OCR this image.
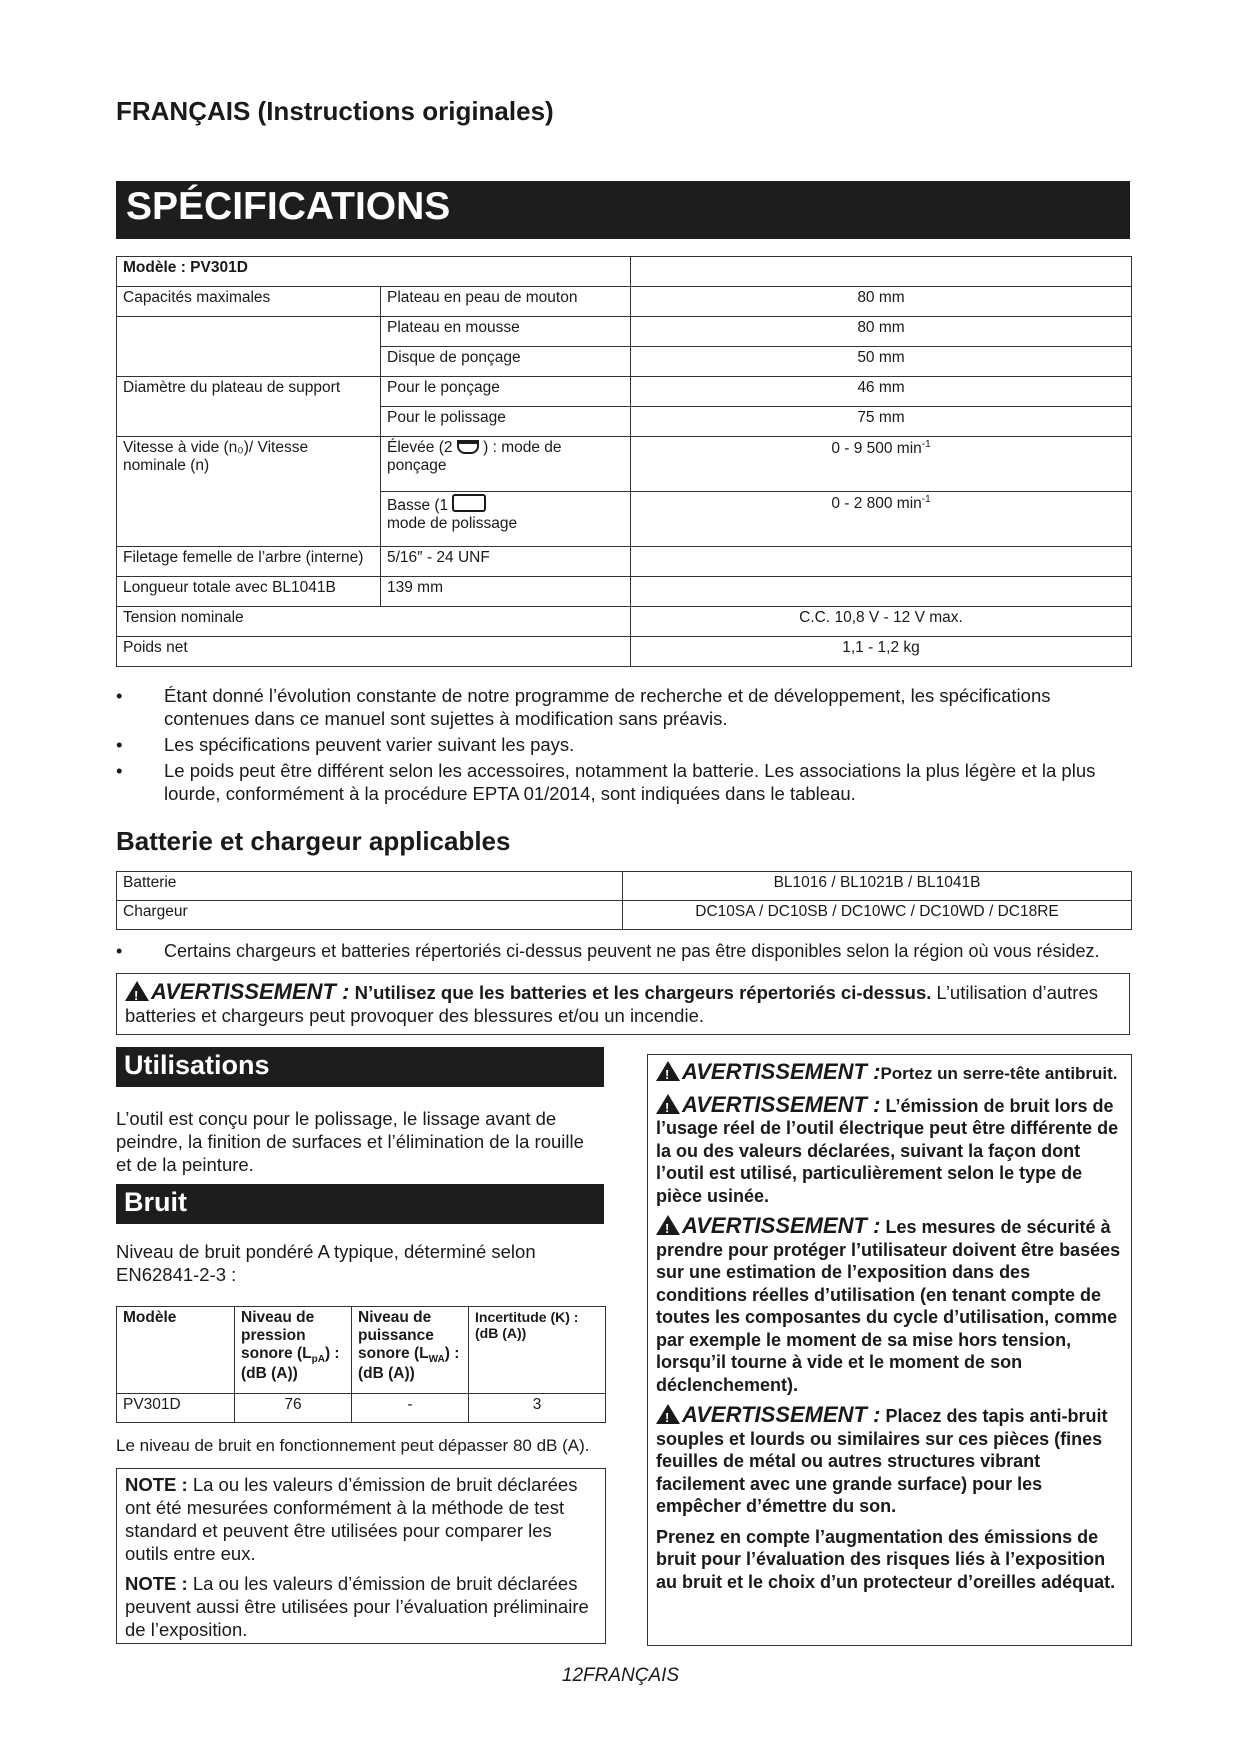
FRANÇAIS (Instructions originales)
SPÉCIFICATIONS
Modèle : PV301D		
Capacités maximales	Plateau en peau de mouton	80 mm
	Plateau en mousse	80 mm
	Disque de ponçage	50 mm
Diamètre du plateau de support	Pour le ponçage	46 mm
	Pour le polissage	75 mm
Vitesse à vide (n₀)/ Vitesse nominale (n)	Élevée (2 ) : mode de ponçage	0 - 9 500 $\min^{-1}$
	Basse (1
mode de polissage	0 - 2 800 $\min^{-1}$
Filetage femelle de l’arbre (interne)	5/16″ - 24 UNF	
Longueur totale avec BL1041B	139 mm	
Tension nominale		C.C. 10,8 V - 12 V max.
Poids net		1,1 - 1,2 kg
• Étant donné l’évolution constante de notre programme de recherche et de développement, les spécifications contenues dans ce manuel sont sujettes à modification sans préavis.
• Les spécifications peuvent varier suivant les pays.
• Le poids peut être différent selon les accessoires, notamment la batterie. Les associations la plus légère et la plus lourde, conformément à la procédure EPTA 01/2014, sont indiquées dans le tableau.
Batterie et chargeur applicables
Batterie	BL1016 / BL1021B / BL1041B
Chargeur	DC10SA / DC10SB / DC10WC / DC10WD / DC18RE
• Certains chargeurs et batteries répertoriés ci-dessus peuvent ne pas être disponibles selon la région où vous résidez.
!AVERTISSEMENT : N’utilisez que les batteries et les chargeurs répertoriés ci-dessus. L’utilisation d’autres batteries et chargeurs peut provoquer des blessures et/ou un incendie.
Utilisations
L’outil est conçu pour le polissage, le lissage avant de peindre, la finition de surfaces et l’élimination de la rouille et de la peinture.
Bruit
Niveau de bruit pondéré A typique, déterminé selon EN62841-2-3 :
Modèle	Niveau de pression sonore $(L_{pA})$ : (dB (A))	Niveau de puissance sonore $(L_{WA})$ : (dB (A))	Incertitude (K) : (dB (A))
PV301D	76	-	3
Le niveau de bruit en fonctionnement peut dépasser 80 dB (A).
NOTE : La ou les valeurs d’émission de bruit déclarées ont été mesurées conformément à la méthode de test standard et peuvent être utilisées pour comparer les outils entre eux.
NOTE : La ou les valeurs d’émission de bruit déclarées peuvent aussi être utilisées pour l’évaluation préliminaire de l’exposition.
!AVERTISSEMENT :Portez un serre-tête antibruit.
!AVERTISSEMENT : L’émission de bruit lors de l’usage réel de l’outil électrique peut être différente de la ou des valeurs déclarées, suivant la façon dont l’outil est utilisé, particulièrement selon le type de pièce usinée.
!AVERTISSEMENT : Les mesures de sécurité à prendre pour protéger l’utilisateur doivent être basées sur une estimation de l’exposition dans des conditions réelles d’utilisation (en tenant compte de toutes les composantes du cycle d’utilisation, comme par exemple le moment de sa mise hors tension, lorsqu’il tourne à vide et le moment de son déclenchement).
!AVERTISSEMENT : Placez des tapis anti-bruit souples et lourds ou similaires sur ces pièces (fines feuilles de métal ou autres structures vibrant facilement avec une grande surface) pour les empêcher d’émettre du son.
Prenez en compte l’augmentation des émissions de bruit pour l’évaluation des risques liés à l’exposition au bruit et le choix d’un protecteur d’oreilles adéquat.
12FRANÇAIS
